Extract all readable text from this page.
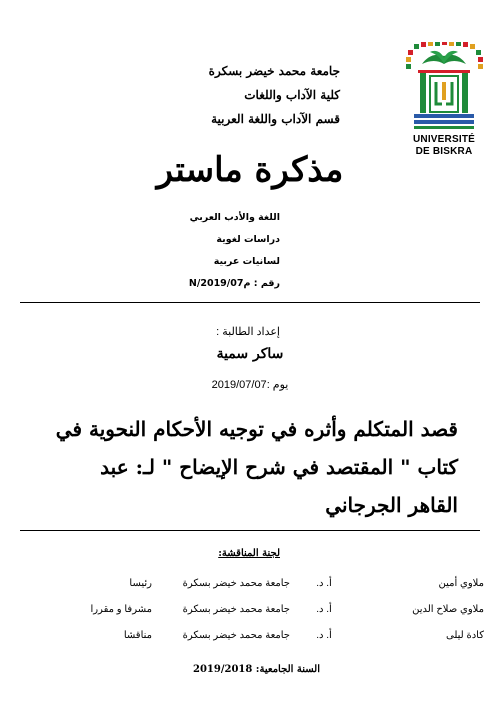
UNIVERSITÉ
DE BISKRA
جامعة محمد خيضر بسكرة
كلية الآداب واللغات
قسم الآداب واللغة العربية
مذكرة ماستر
اللغة والأدب العربي
دراسات لغوية
لسانيات عربية
رقم : م2019/07/N
إعداد الطالبة :
ساكر سمية
يوم :2019/07/07
قصد المتكلم وأثره في توجيه الأحكام النحوية في
كتاب " المقتصد في شرح الإيضاح " لـ: عبد
القاهر الجرجاني
لجنة المناقشة:
ملاوي أمين
أ. د.
جامعة محمد خيضر بسكرة
رئيسا
ملاوي صلاح الدين
أ. د.
جامعة محمد خيضر بسكرة
مشرفا و مقررا
كادة ليلى
أ. د.
جامعة محمد خيضر بسكرة
مناقشا
السنة الجامعية: 2019/2018
